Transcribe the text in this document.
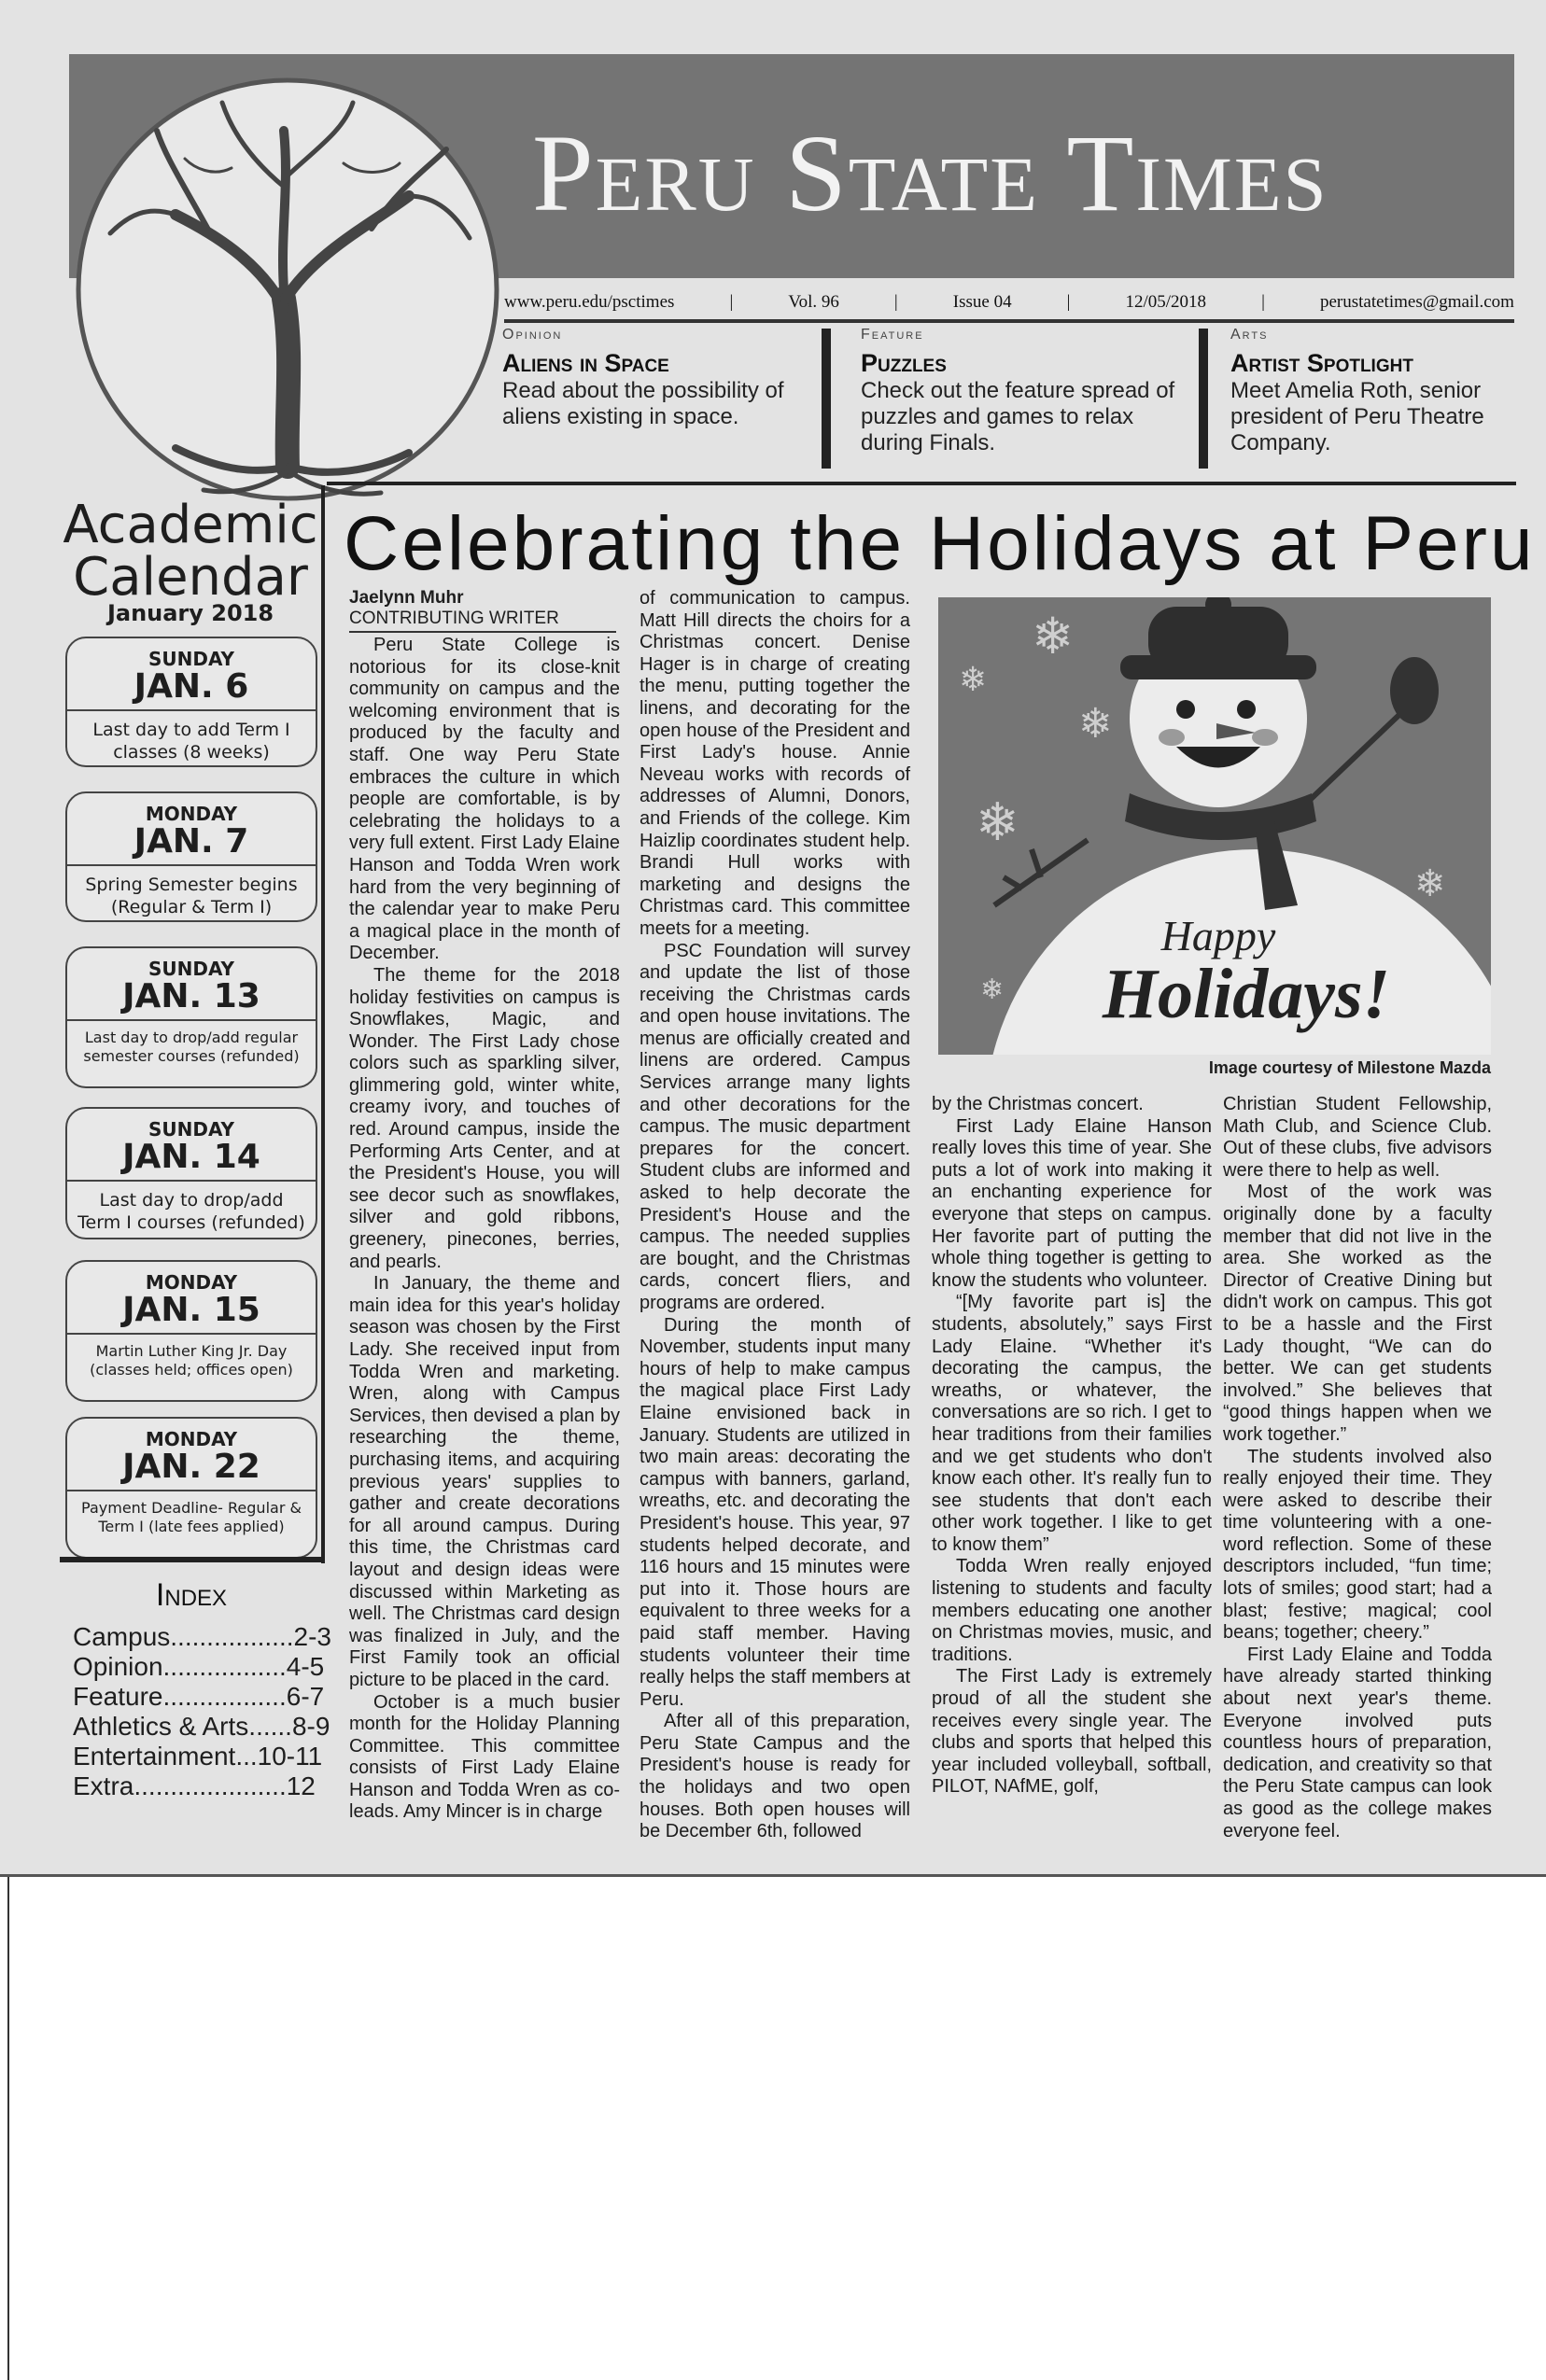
Peru State Times
www.peru.edu/psctimes	|	Vol. 96	|	Issue 04	|	12/05/2018	|	perustatetimes@gmail.com
Opinion
Aliens in Space
Read about the possibility of aliens existing in space.
Feature
Puzzles
Check out the feature spread of puzzles and games to relax during Finals.
Arts
Artist Spotlight
Meet Amelia Roth, senior president of Peru Theatre Company.
Academic
Calendar
January 2018
SUNDAY
JAN. 6
Last day to add Term I classes (8 weeks)
MONDAY
JAN. 7
Spring Semester begins (Regular & Term I)
SUNDAY
JAN. 13
Last day to drop/add regular semester courses (refunded)
SUNDAY
JAN. 14
Last day to drop/add Term I courses (refunded)
MONDAY
JAN. 15
Martin Luther King Jr. Day (classes held; offices open)
MONDAY
JAN. 22
Payment Deadline- Regular & Term I (late fees applied)
Index
Campus.................2-3
Opinion.................4-5
Feature.................6-7
Athletics & Arts......8-9
Entertainment...10-11
Extra.....................12
Celebrating the Holidays at Peru
Jaelynn Muhr
CONTRIBUTING WRITER

Peru State College is notorious for its close-knit community on campus and the welcoming environment that is produced by the faculty and staff. One way Peru State embraces the culture in which people are comfortable, is by celebrating the holidays to a very full extent. First Lady Elaine Hanson and Todda Wren work hard from the very beginning of the calendar year to make Peru a magical place in the month of December.

The theme for the 2018 holiday festivities on campus is Snowflakes, Magic, and Wonder. The First Lady chose colors such as sparkling silver, glimmering gold, winter white, creamy ivory, and touches of red. Around campus, inside the Performing Arts Center, and at the President's House, you will see decor such as snowflakes, silver and gold ribbons, greenery, pinecones, berries, and pearls.

In January, the theme and main idea for this year's holiday season was chosen by the First Lady. She received input from Todda Wren and marketing. Wren, along with Campus Services, then devised a plan by researching the theme, purchasing items, and acquiring previous years' supplies to gather and create decorations for all around campus. During this time, the Christmas card layout and design ideas were discussed within Marketing as well. The Christmas card design was finalized in July, and the First Family took an official picture to be placed in the card.

October is a much busier month for the Holiday Planning Committee. This committee consists of First Lady Elaine Hanson and Todda Wren as co-leads. Amy Mincer is in charge

of communication to campus. Matt Hill directs the choirs for a Christmas concert. Denise Hager is in charge of creating the menu, putting together the linens, and decorating for the open house of the President and First Lady's house. Annie Neveau works with records of addresses of Alumni, Donors, and Friends of the college. Kim Haizlip coordinates student help. Brandi Hull works with marketing and designs the Christmas card. This committee meets for a meeting.

PSC Foundation will survey and update the list of those receiving the Christmas cards and open house invitations. The menus are officially created and linens are ordered. Campus Services arrange many lights and other decorations for the campus. The music department prepares for the concert. Student clubs are informed and asked to help decorate the President's House and the campus. The needed supplies are bought, and the Christmas cards, concert fliers, and programs are ordered.

During the month of November, students input many hours of help to make campus the magical place First Lady Elaine envisioned back in January. Students are utilized in two main areas: decorating the campus with banners, garland, wreaths, etc. and decorating the President's house. This year, 97 students helped decorate, and 116 hours and 15 minutes were put into it. Those hours are equivalent to three weeks for a paid staff member. Having students volunteer their time really helps the staff members at Peru.

After all of this preparation, Peru State Campus and the President's house is ready for the holidays and two open houses. Both open houses will be December 6th, followed

❄
❄
❄
❄
❄
❄
Happy
Holidays!
Image courtesy of Milestone Mazda

by the Christmas concert.

First Lady Elaine Hanson really loves this time of year. She puts a lot of work into making it an enchanting experience for everyone that steps on campus. Her favorite part of putting the whole thing together is getting to know the students who volunteer.

“[My favorite part is] the students, absolutely,” says First Lady Elaine. “Whether it's decorating the campus, the wreaths, or whatever, the conversations are so rich. I get to hear traditions from their families and we get students who don't know each other. It's really fun to see students that don't each other work together. I like to get to know them”

Todda Wren really enjoyed listening to students and faculty members educating one another on Christmas movies, music, and traditions.

The First Lady is extremely proud of all the student she receives every single year. The clubs and sports that helped this year included volleyball, softball, PILOT, NAfME, golf,

Christian Student Fellowship, Math Club, and Science Club. Out of these clubs, five advisors were there to help as well.

Most of the work was originally done by a faculty member that did not live in the area. She worked as the Director of Creative Dining but didn't work on campus. This got to be a hassle and the First Lady thought, “We can do better. We can get students involved.” She believes that “good things happen when we work together.”

The students involved also really enjoyed their time. They were asked to describe their time volunteering with a one-word reflection. Some of these descriptors included, “fun time; lots of smiles; good start; had a blast; festive; magical; cool beans; together; cheery.”

First Lady Elaine and Todda have already started thinking about next year's theme. Everyone involved puts countless hours of preparation, dedication, and creativity so that the Peru State campus can look as good as the college makes everyone feel.
